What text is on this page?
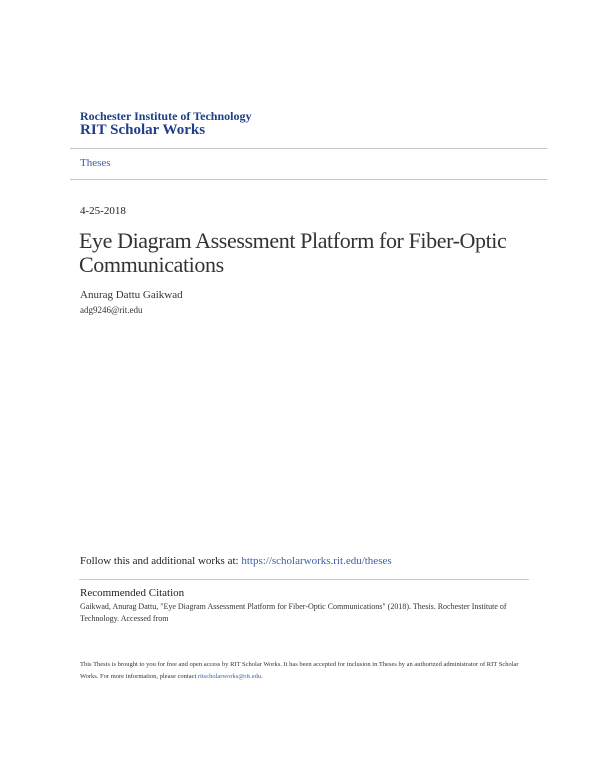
Rochester Institute of Technology
RIT Scholar Works
Theses
4-25-2018
Eye Diagram Assessment Platform for Fiber-Optic Communications
Anurag Dattu Gaikwad
adg9246@rit.edu
Follow this and additional works at: https://scholarworks.rit.edu/theses
Recommended Citation
Gaikwad, Anurag Dattu, "Eye Diagram Assessment Platform for Fiber-Optic Communications" (2018). Thesis. Rochester Institute of Technology. Accessed from
This Thesis is brought to you for free and open access by RIT Scholar Works. It has been accepted for inclusion in Theses by an authorized administrator of RIT Scholar Works. For more information, please contact ritscholarworks@rit.edu.
